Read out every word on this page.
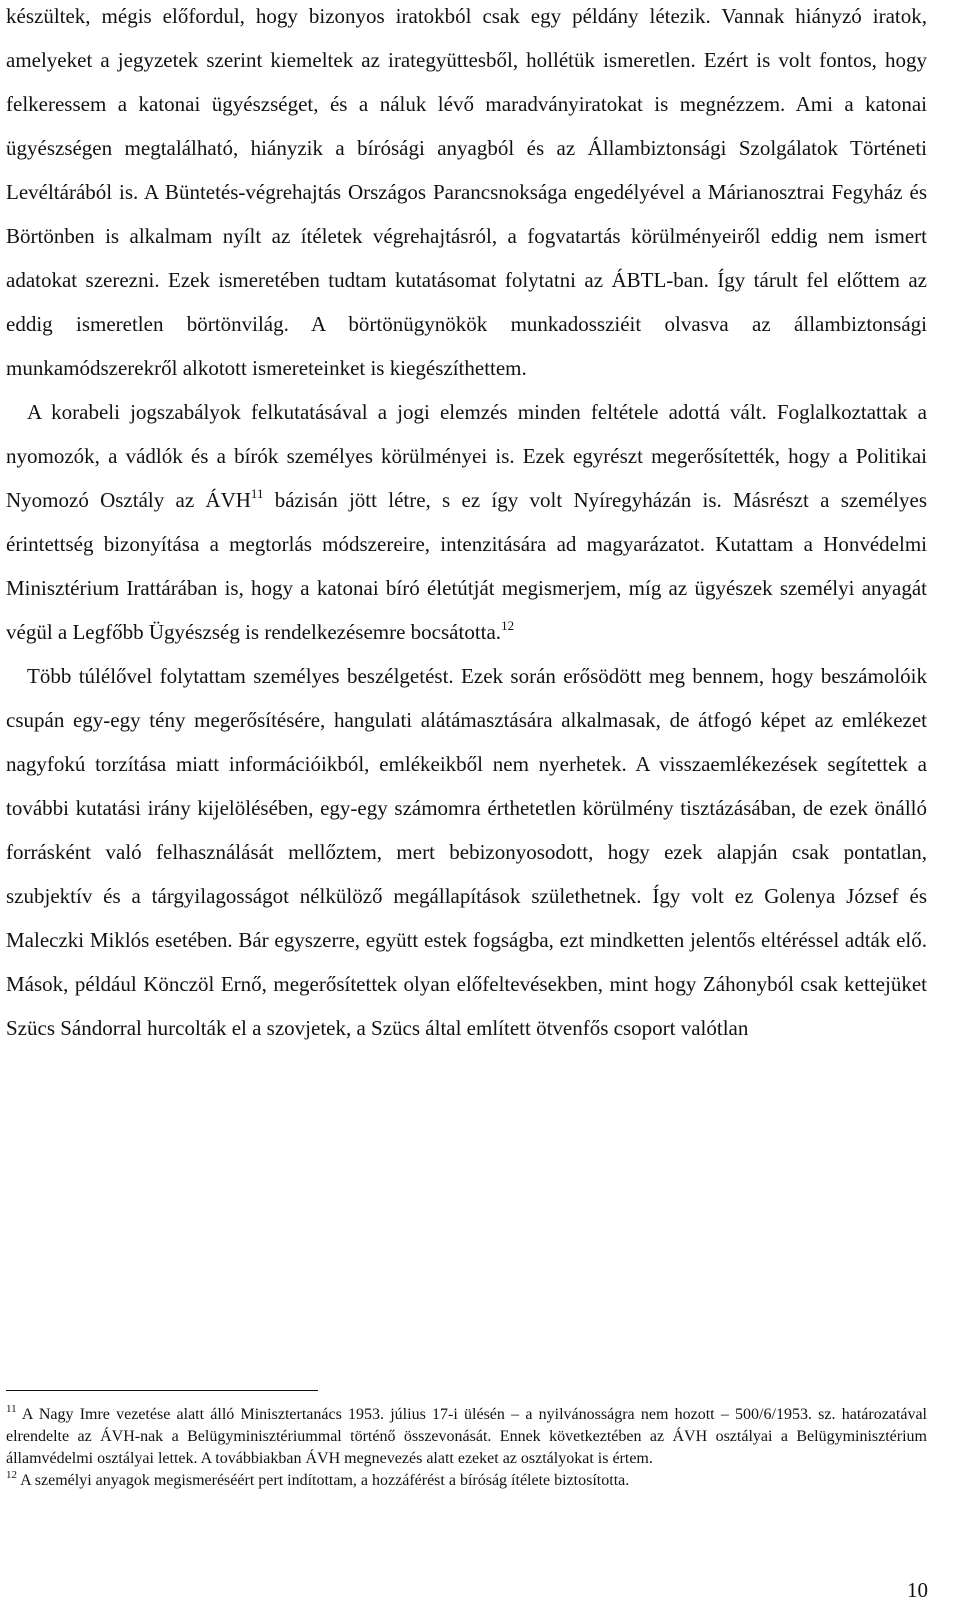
készültek, mégis előfordul, hogy bizonyos iratokból csak egy példány létezik. Vannak hiányzó iratok, amelyeket a jegyzetek szerint kiemeltek az irategyüttesből, hollétük ismeretlen. Ezért is volt fontos, hogy felkeressem a katonai ügyészséget, és a náluk lévő maradványiratokat is megnézzem. Ami a katonai ügyészségen megtalálható, hiányzik a bírósági anyagból és az Állambiztonsági Szolgálatok Történeti Levéltárából is. A Büntetés-végrehajtás Országos Parancsnoksága engedélyével a Márianosztrai Fegyház és Börtönben is alkalmam nyílt az ítéletek végrehajtásról, a fogvatartás körülményeiről eddig nem ismert adatokat szerezni. Ezek ismeretében tudtam kutatásomat folytatni az ÁBTL-ban. Így tárult fel előttem az eddig ismeretlen börtönvilág. A börtönügynökök munkadossziéit olvasva az állambiztonsági munkamódszerekről alkotott ismereteinket is kiegészíthettem.

A korabeli jogszabályok felkutatásával a jogi elemzés minden feltétele adottá vált. Foglalkoztattak a nyomozók, a vádlók és a bírók személyes körülményei is. Ezek egyrészt megerősítették, hogy a Politikai Nyomozó Osztály az ÁVH$^{11}$ bázisán jött létre, s ez így volt Nyíregyházán is. Másrészt a személyes érintettség bizonyítása a megtorlás módszereire, intenzitására ad magyarázatot. Kutattam a Honvédelmi Minisztérium Irattárában is, hogy a katonai bíró életútját megismerjem, míg az ügyészek személyi anyagát végül a Legfőbb Ügyészség is rendelkezésemre bocsátotta.$^{12}$

Több túlélővel folytattam személyes beszélgetést. Ezek során erősödött meg bennem, hogy beszámolóik csupán egy-egy tény megerősítésére, hangulati alátámasztására alkalmasak, de átfogó képet az emlékezet nagyfokú torzítása miatt információikból, emlékeikből nem nyerhetek. A visszaemlékezések segítettek a további kutatási irány kijelölésében, egy-egy számomra érthetetlen körülmény tisztázásában, de ezek önálló forrásként való felhasználását mellőztem, mert bebizonyosodott, hogy ezek alapján csak pontatlan, szubjektív és a tárgyilagosságot nélkülöző megállapítások születhetnek. Így volt ez Golenya József és Maleczki Miklós esetében. Bár egyszerre, együtt estek fogságba, ezt mindketten jelentős eltéréssel adták elő. Mások, például Könczöl Ernő, megerősítettek olyan előfeltevésekben, mint hogy Záhonyból csak kettejüket Szücs Sándorral hurcolták el a szovjetek, a Szücs által említett ötvenfős csoport valótlan

$^{11}$ A Nagy Imre vezetése alatt álló Minisztertanács 1953. július 17-i ülésén – a nyilvánosságra nem hozott – 500/6/1953. sz. határozatával elrendelte az ÁVH-nak a Belügyminisztériummal történő összevonását. Ennek következtében az ÁVH osztályai a Belügyminisztérium államvédelmi osztályai lettek. A továbbiakban ÁVH megnevezés alatt ezeket az osztályokat is értem.

$^{12}$ A személyi anyagok megismeréséért pert indítottam, a hozzáférést a bíróság ítélete biztosította.

10
